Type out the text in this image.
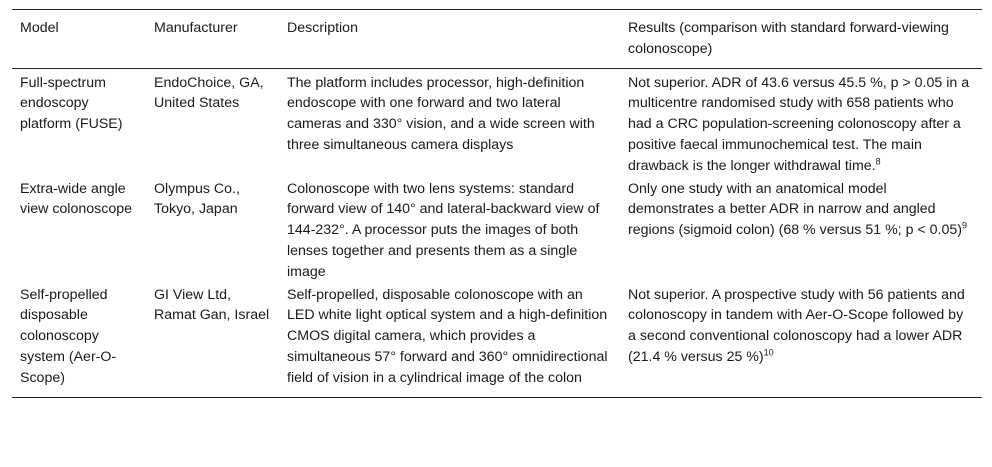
Model	Manufacturer	Description	Results (comparison with standard forward-viewing colonoscope)
Full-spectrum endoscopy platform (FUSE)	EndoChoice, GA, United States	The platform includes processor, high-definition endoscope with one forward and two lateral cameras and 330° vision, and a wide screen with three simultaneous camera displays	Not superior. ADR of 43.6 versus 45.5 %, p > 0.05 in a multicentre randomised study with 658 patients who had a CRC population-screening colonoscopy after a positive faecal immunochemical test. The main drawback is the longer withdrawal time.$^8$
Extra-wide angle view colonoscope	Olympus Co., Tokyo, Japan	Colonoscope with two lens systems: standard forward view of 140° and lateral-backward view of 144-232°. A processor puts the images of both lenses together and presents them as a single image	Only one study with an anatomical model demonstrates a better ADR in narrow and angled regions (sigmoid colon) (68 % versus 51 %; p < 0.05)$^9$
Self-propelled disposable colonoscopy system (Aer-O-Scope)	GI View Ltd, Ramat Gan, Israel	Self-propelled, disposable colonoscope with an LED white light optical system and a high-definition CMOS digital camera, which provides a simultaneous 57° forward and 360° omnidirectional field of vision in a cylindrical image of the colon	Not superior. A prospective study with 56 patients and colonoscopy in tandem with Aer-O-Scope followed by a second conventional colonoscopy had a lower ADR (21.4 % versus 25 %)$^{10}$
